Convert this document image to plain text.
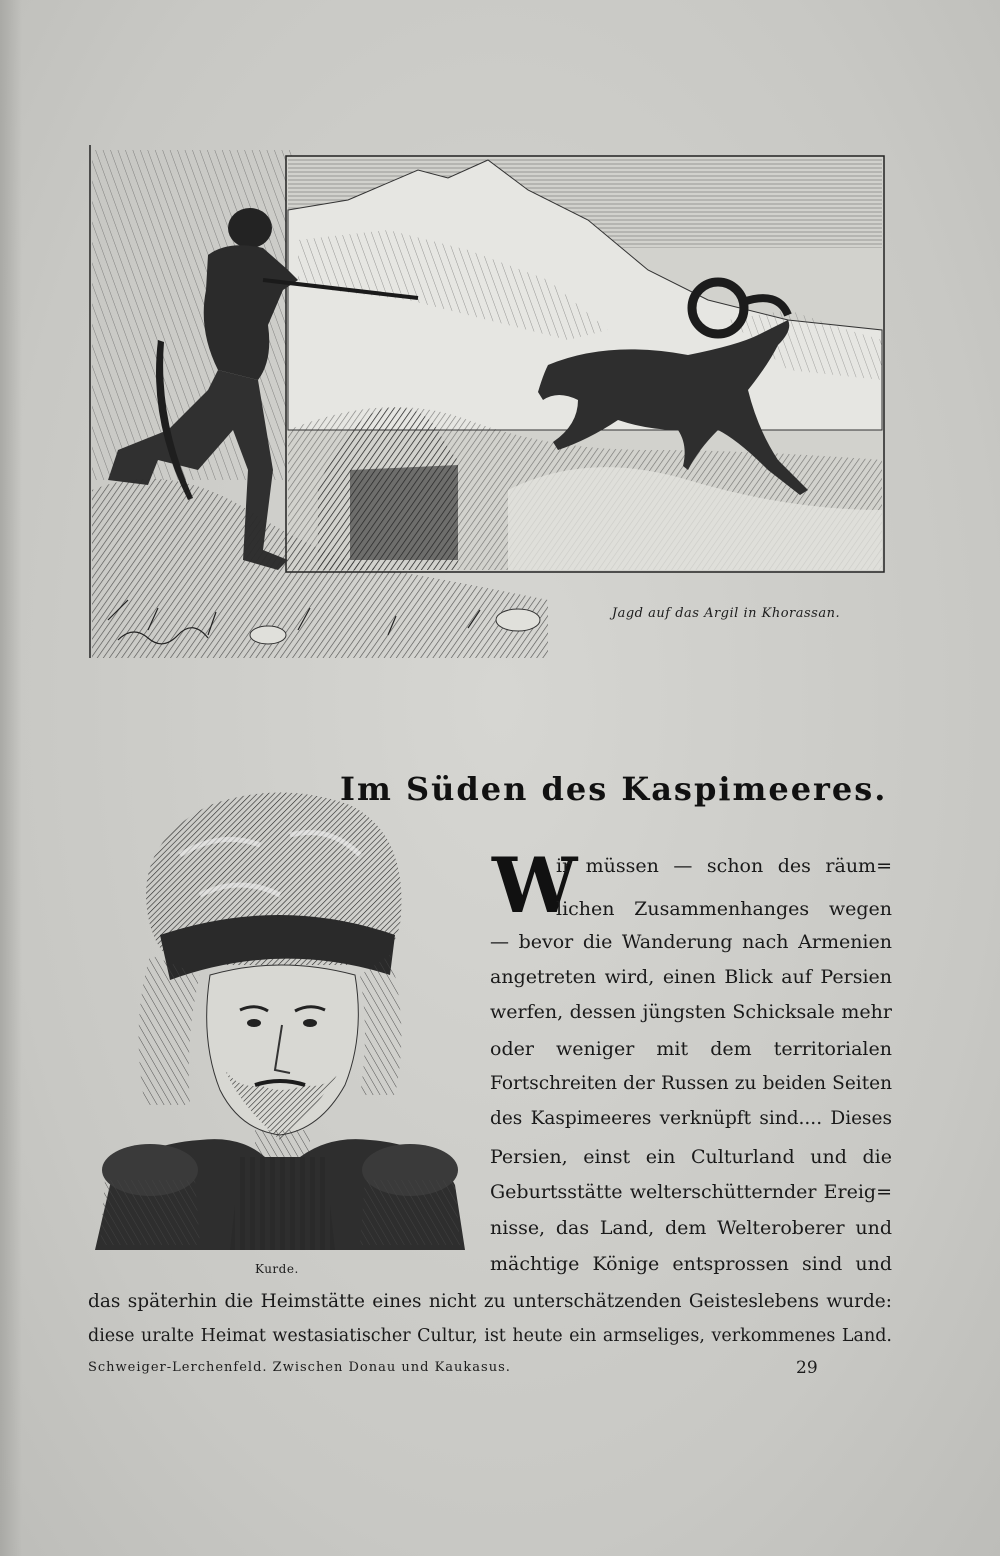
Jagd auf das Argil in Khorassan.
Im Süden des Kaspimeeres.
Kurde.
W
ir müssen — schon des räum=
lichen Zusammenhanges wegen
— bevor die Wanderung nach Armenien
angetreten wird, einen Blick auf Persien
werfen, dessen jüngsten Schicksale mehr
oder weniger mit dem territorialen
Fortschreiten der Russen zu beiden Seiten
des Kaspimeeres verknüpft sind.... Dieses
Persien, einst ein Culturland und die
Geburtsstätte welterschütternder Ereig=
nisse, das Land, dem Welteroberer und
mächtige Könige entsprossen sind und
das späterhin die Heimstätte eines nicht zu unterschätzenden Geisteslebens wurde:
diese uralte Heimat westasiatischer Cultur, ist heute ein armseliges, verkommenes Land.
Schweiger-Lerchenfeld. Zwischen Donau und Kaukasus.	29
